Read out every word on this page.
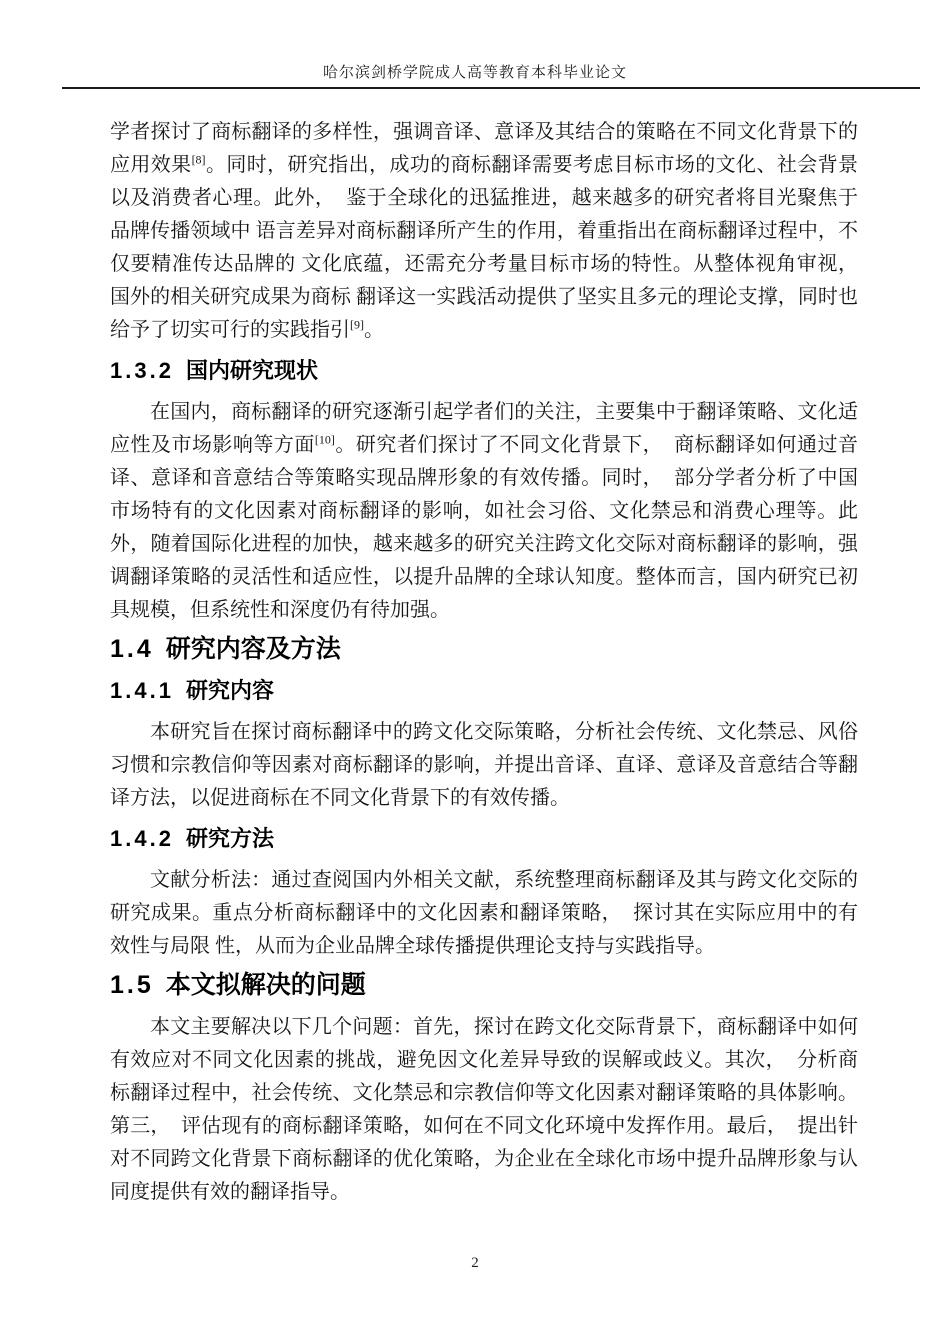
哈尔滨剑桥学院成人高等教育本科毕业论文

学者探讨了商标翻译的多样性，强调音译、意译及其结合的策略在不同文化背景下的应用效果[8]。同时，研究指出，成功的商标翻译需要考虑目标市场的文化、社会背景以及消费者心理。此外，  鉴于全球化的迅猛推进，越来越多的研究者将目光聚焦于品牌传播领域中 语言差异对商标翻译所产生的作用，着重指出在商标翻译过程中，不仅要精准传达品牌的 文化底蕴，还需充分考量目标市场的特性。从整体视角审视，  国外的相关研究成果为商标 翻译这一实践活动提供了坚实且多元的理论支撑，同时也给予了切实可行的实践指引[9]。

1.3.2 国内研究现状

在国内，商标翻译的研究逐渐引起学者们的关注，主要集中于翻译策略、文化适应性及市场影响等方面[10]。研究者们探讨了不同文化背景下，  商标翻译如何通过音译、意译和音意结合等策略实现品牌形象的有效传播。同时，  部分学者分析了中国市场特有的文化因素对商标翻译的影响，如社会习俗、文化禁忌和消费心理等。此外，随着国际化进程的加快，越来越多的研究关注跨文化交际对商标翻译的影响，强调翻译策略的灵活性和适应性，以提升品牌的全球认知度。整体而言，国内研究已初具规模，但系统性和深度仍有待加强。

1.4 研究内容及方法
1.4.1 研究内容

本研究旨在探讨商标翻译中的跨文化交际策略，分析社会传统、文化禁忌、风俗习惯和宗教信仰等因素对商标翻译的影响，并提出音译、直译、意译及音意结合等翻译方法，以促进商标在不同文化背景下的有效传播。

1.4.2 研究方法

文献分析法：通过查阅国内外相关文献，系统整理商标翻译及其与跨文化交际的研究成果。重点分析商标翻译中的文化因素和翻译策略，  探讨其在实际应用中的有效性与局限 性，从而为企业品牌全球传播提供理论支持与实践指导。

1.5 本文拟解决的问题

本文主要解决以下几个问题：首先，探讨在跨文化交际背景下，商标翻译中如何有效应对不同文化因素的挑战，避免因文化差异导致的误解或歧义。其次，  分析商标翻译过程中，社会传统、文化禁忌和宗教信仰等文化因素对翻译策略的具体影响。第三，  评估现有的商标翻译策略，如何在不同文化环境中发挥作用。最后，  提出针对不同跨文化背景下商标翻译的优化策略，为企业在全球化市场中提升品牌形象与认同度提供有效的翻译指导。

2
